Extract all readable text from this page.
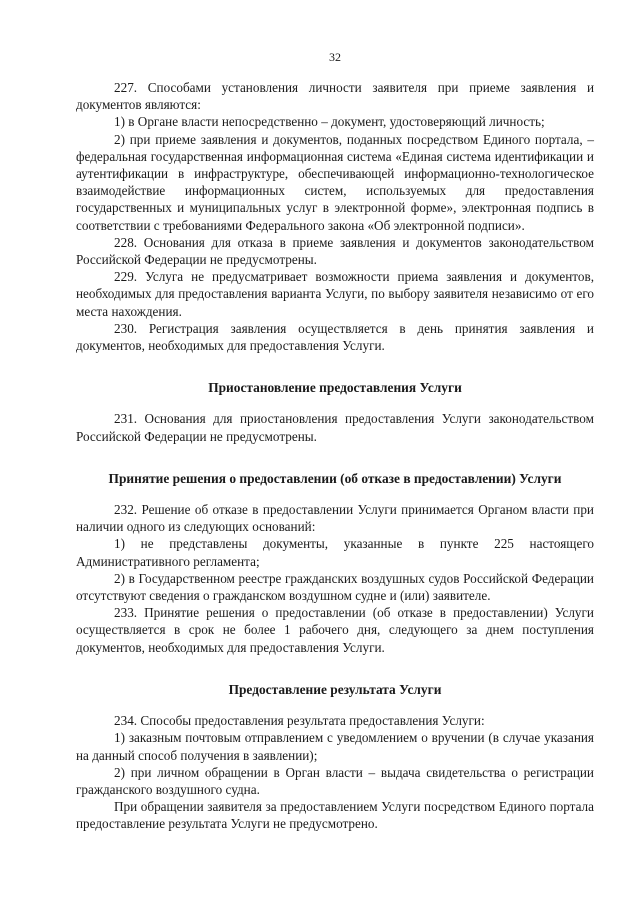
32

227. Способами установления личности заявителя при приеме заявления и документов являются:

1) в Органе власти непосредственно – документ, удостоверяющий личность;

2) при приеме заявления и документов, поданных посредством Единого портала, – федеральная государственная информационная система «Единая система идентификации и аутентификации в инфраструктуре, обеспечивающей информационно-технологическое взаимодействие информационных систем, используемых для предоставления государственных и муниципальных услуг в электронной форме», электронная подпись в соответствии с требованиями Федерального закона «Об электронной подписи».

228. Основания для отказа в приеме заявления и документов законодательством Российской Федерации не предусмотрены.

229. Услуга не предусматривает возможности приема заявления и документов, необходимых для предоставления варианта Услуги, по выбору заявителя независимо от его места нахождения.

230. Регистрация заявления осуществляется в день принятия заявления и документов, необходимых для предоставления Услуги.

Приостановление предоставления Услуги

231. Основания для приостановления предоставления Услуги законодательством Российской Федерации не предусмотрены.

Принятие решения о предоставлении (об отказе в предоставлении) Услуги

232. Решение об отказе в предоставлении Услуги принимается Органом власти при наличии одного из следующих оснований:

1) не представлены документы, указанные в пункте 225 настоящего Административного регламента;

2) в Государственном реестре гражданских воздушных судов Российской Федерации отсутствуют сведения о гражданском воздушном судне и (или) заявителе.

233. Принятие решения о предоставлении (об отказе в предоставлении) Услуги осуществляется в срок не более 1 рабочего дня, следующего за днем поступления документов, необходимых для предоставления Услуги.

Предоставление результата Услуги

234. Способы предоставления результата предоставления Услуги:

1) заказным почтовым отправлением с уведомлением о вручении (в случае указания на данный способ получения в заявлении);

2) при личном обращении в Орган власти – выдача свидетельства о регистрации гражданского воздушного судна.

При обращении заявителя за предоставлением Услуги посредством Единого портала предоставление результата Услуги не предусмотрено.
